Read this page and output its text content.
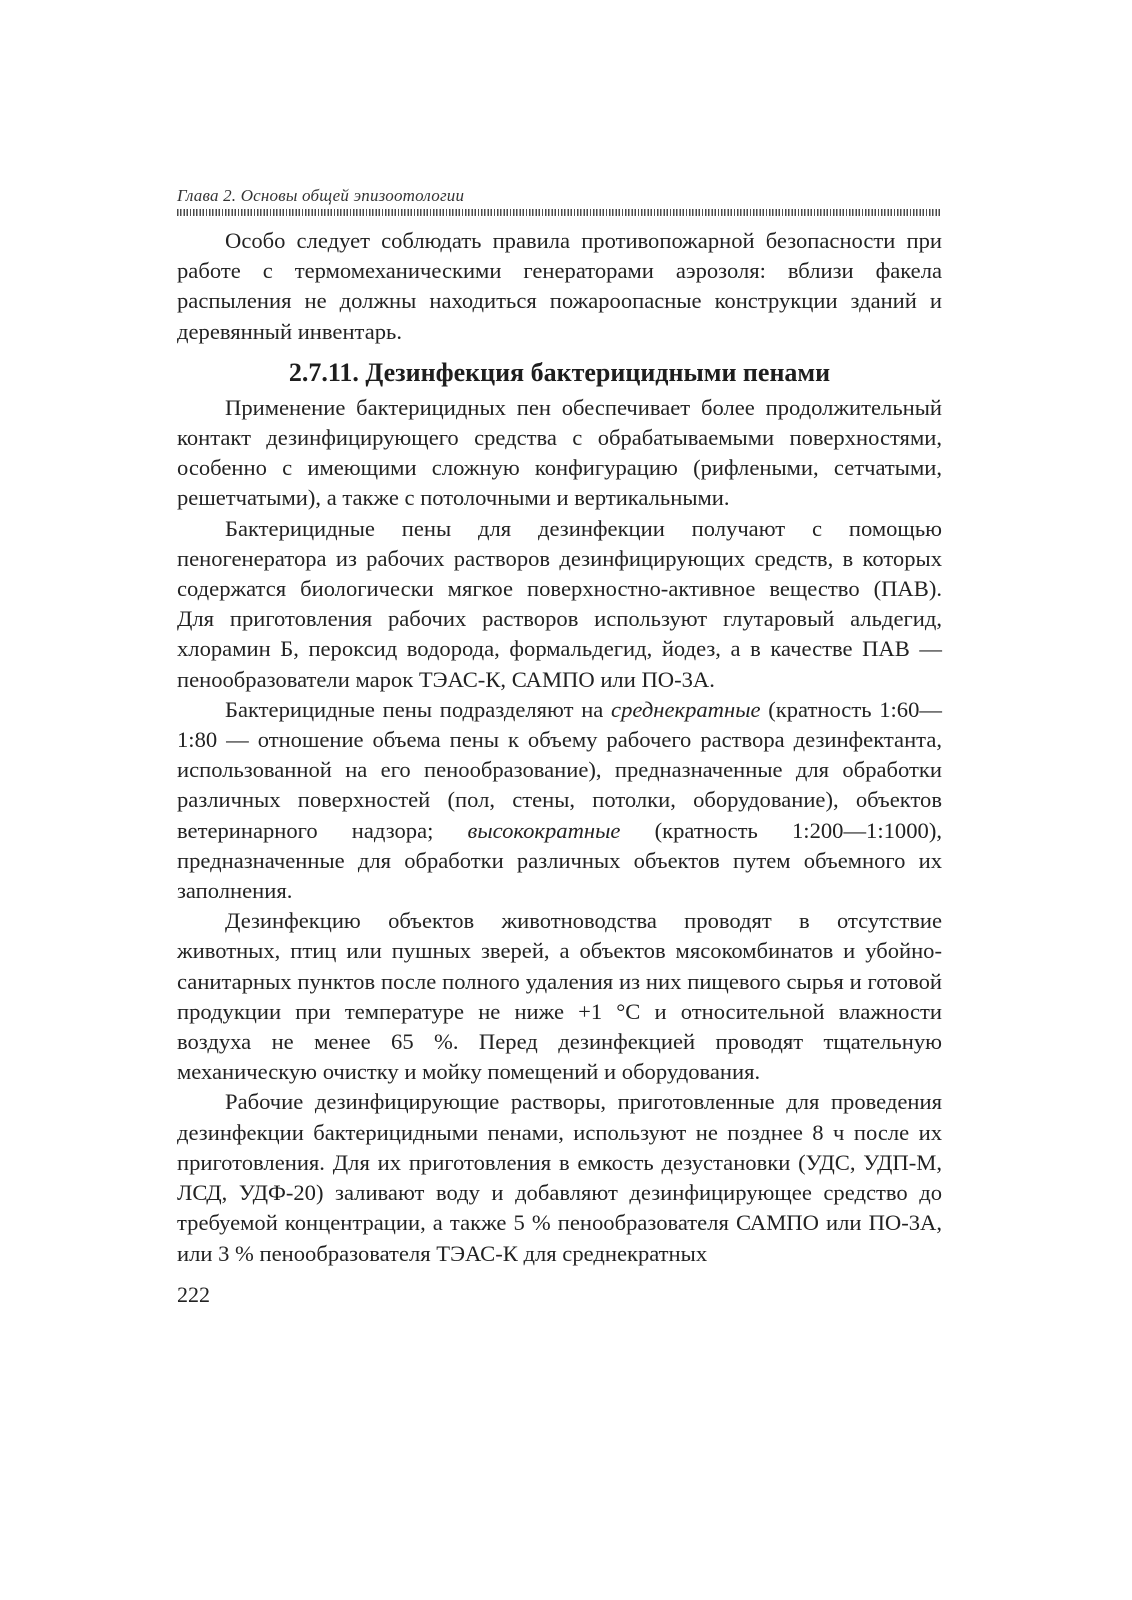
Глава 2. Основы общей эпизоотологии

Особо следует соблюдать правила противопожарной безопасности при работе с термомеханическими генераторами аэрозоля: вблизи факела распыления не должны находиться пожароопасные конструкции зданий и деревянный инвентарь.

2.7.11. Дезинфекция бактерицидными пенами

Применение бактерицидных пен обеспечивает более продолжительный контакт дезинфицирующего средства с обрабатываемыми поверхностями, особенно с имеющими сложную конфигурацию (рифлеными, сетчатыми, решетчатыми), а также с потолочными и вертикальными.

Бактерицидные пены для дезинфекции получают с помощью пеногенератора из рабочих растворов дезинфицирующих средств, в которых содержатся биологически мягкое поверхностно-активное вещество (ПАВ). Для приготовления рабочих растворов используют глутаровый альдегид, хлорамин Б, пероксид водорода, формальдегид, йодез, а в качестве ПАВ — пенообразователи марок ТЭАС-К, САМПО или ПО-3А.

Бактерицидные пены подразделяют на среднекратные (кратность 1:60—1:80 — отношение объема пены к объему рабочего раствора дезинфектанта, использованной на его пенообразование), предназначенные для обработки различных поверхностей (пол, стены, потолки, оборудование), объектов ветеринарного надзора; высокократные (кратность 1:200—1:1000), предназначенные для обработки различных объектов путем объемного их заполнения.

Дезинфекцию объектов животноводства проводят в отсутствие животных, птиц или пушных зверей, а объектов мясокомбинатов и убойно-санитарных пунктов после полного удаления из них пищевого сырья и готовой продукции при температуре не ниже +1 °С и относительной влажности воздуха не менее 65 %. Перед дезинфекцией проводят тщательную механическую очистку и мойку помещений и оборудования.

Рабочие дезинфицирующие растворы, приготовленные для проведения дезинфекции бактерицидными пенами, используют не позднее 8 ч после их приготовления. Для их приготовления в емкость дезустановки (УДС, УДП-М, ЛСД, УДФ-20) заливают воду и добавляют дезинфицирующее средство до требуемой концентрации, а также 5 % пенообразователя САМПО или ПО-3А, или 3 % пенообразователя ТЭАС-К для среднекратных

222
